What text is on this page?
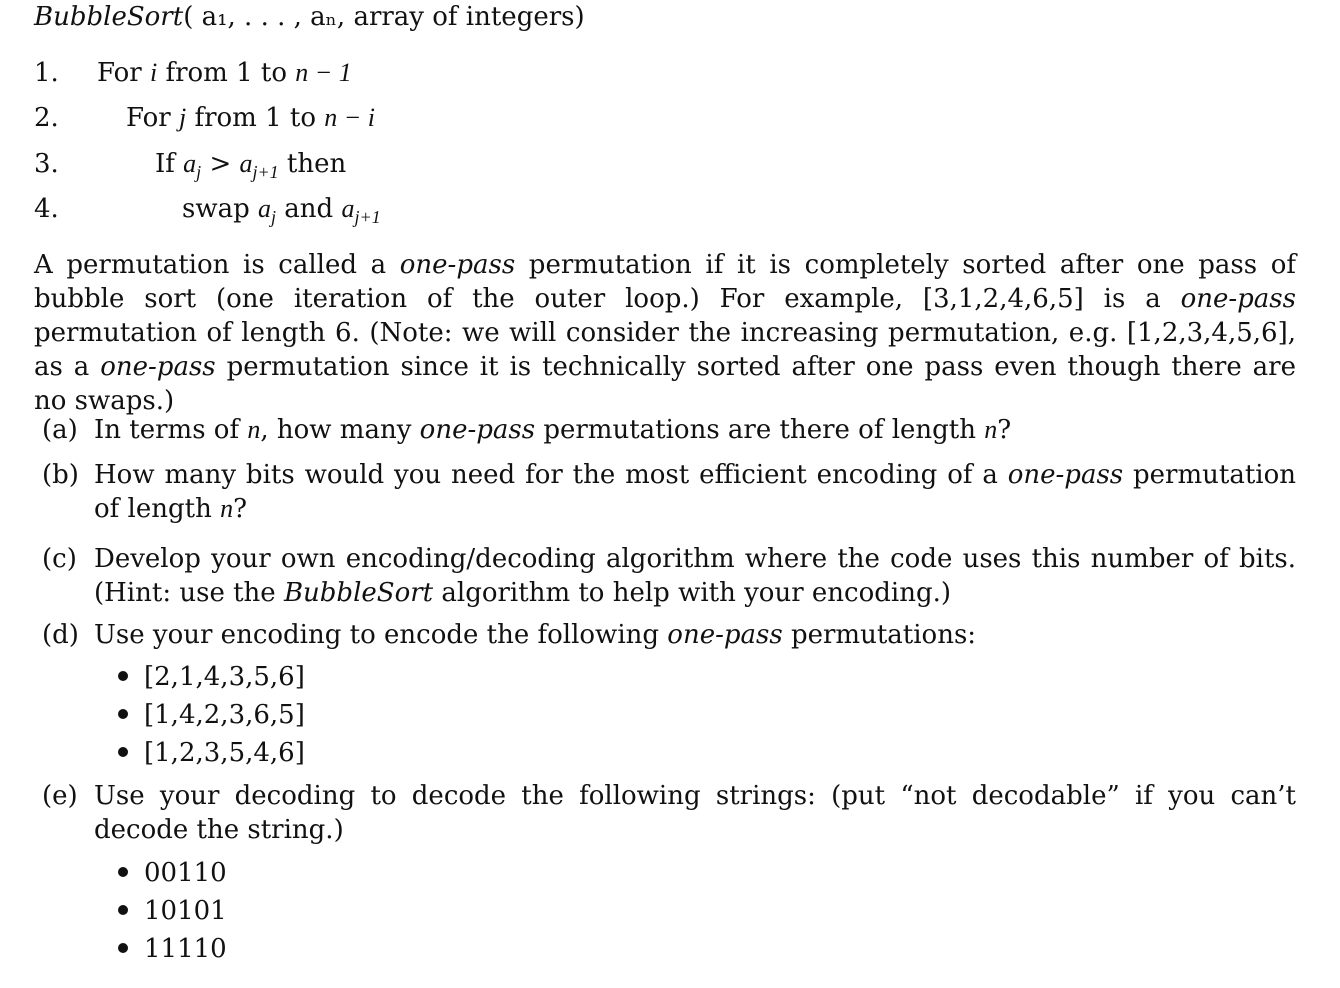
BubbleSort( a₁, . . . , aₙ, array of integers)
1. For i from 1 to n − 1
2.	For j from 1 to n − i
3.	If $a_j > a_{j+1}$ then
4.	swap $a_j$ and $a_{j+1}$
A permutation is called a one-pass permutation if it is completely sorted after one pass of bubble sort (one iteration of the outer loop.) For example, [3,1,2,4,6,5] is a one-pass permutation of length 6. (Note: we will consider the increasing permutation, e.g. [1,2,3,4,5,6], as a one-pass permutation since it is technically sorted after one pass even though there are no swaps.)
(a) In terms of n, how many one-pass permutations are there of length n?
(b) How many bits would you need for the most efficient encoding of a one-pass permutation of length n?
(c) Develop your own encoding/decoding algorithm where the code uses this number of bits. (Hint: use the BubbleSort algorithm to help with your encoding.)
(d) Use your encoding to encode the following one-pass permutations:
[2,1,4,3,5,6]
[1,4,2,3,6,5]
[1,2,3,5,4,6]
(e) Use your decoding to decode the following strings: (put “not decodable” if you can’t decode the string.)
00110
10101
11110
